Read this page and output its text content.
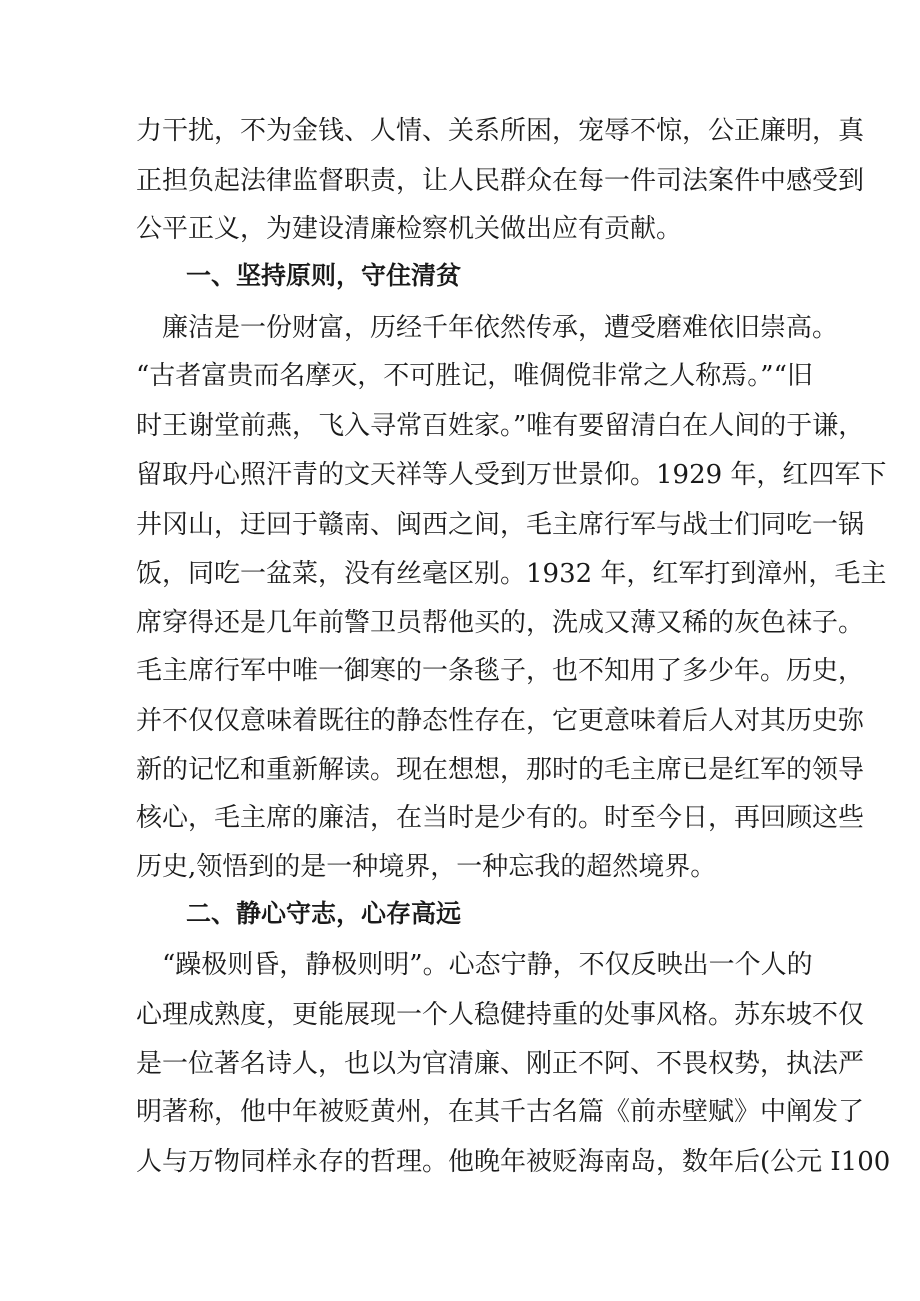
力干扰，不为金钱、人情、关系所困，宠辱不惊，公正廉明，真
正担负起法律监督职责，让人民群众在每一件司法案件中感受到
公平正义，为建设清廉检察机关做出应有贡献。
一、坚持原则，守住清贫
　廉洁是一份财富，历经千年依然传承，遭受磨难依旧崇高。
“古者富贵而名摩灭，不可胜记，唯倜傥非常之人称焉。”“旧
时王谢堂前燕，飞入寻常百姓家。”唯有要留清白在人间的于谦，
留取丹心照汗青的文天祥等人受到万世景仰。1929 年，红四军下
井冈山，迂回于赣南、闽西之间，毛主席行军与战士们同吃一锅
饭，同吃一盆菜，没有丝毫区别。1932 年，红军打到漳州，毛主
席穿得还是几年前警卫员帮他买的，洗成又薄又稀的灰色袜子。
毛主席行军中唯一御寒的一条毯子，也不知用了多少年。历史，
并不仅仅意味着既往的静态性存在，它更意味着后人对其历史弥
新的记忆和重新解读。现在想想，那时的毛主席已是红军的领导
核心，毛主席的廉洁，在当时是少有的。时至今日，再回顾这些
历史,领悟到的是一种境界，一种忘我的超然境界。
二、静心守志，心存高远
　“躁极则昏，静极则明”。心态宁静，不仅反映出一个人的
心理成熟度，更能展现一个人稳健持重的处事风格。苏东坡不仅
是一位著名诗人，也以为官清廉、刚正不阿、不畏权势，执法严
明著称，他中年被贬黄州，在其千古名篇《前赤壁赋》中阐发了
人与万物同样永存的哲理。他晚年被贬海南岛，数年后(公元 I100
